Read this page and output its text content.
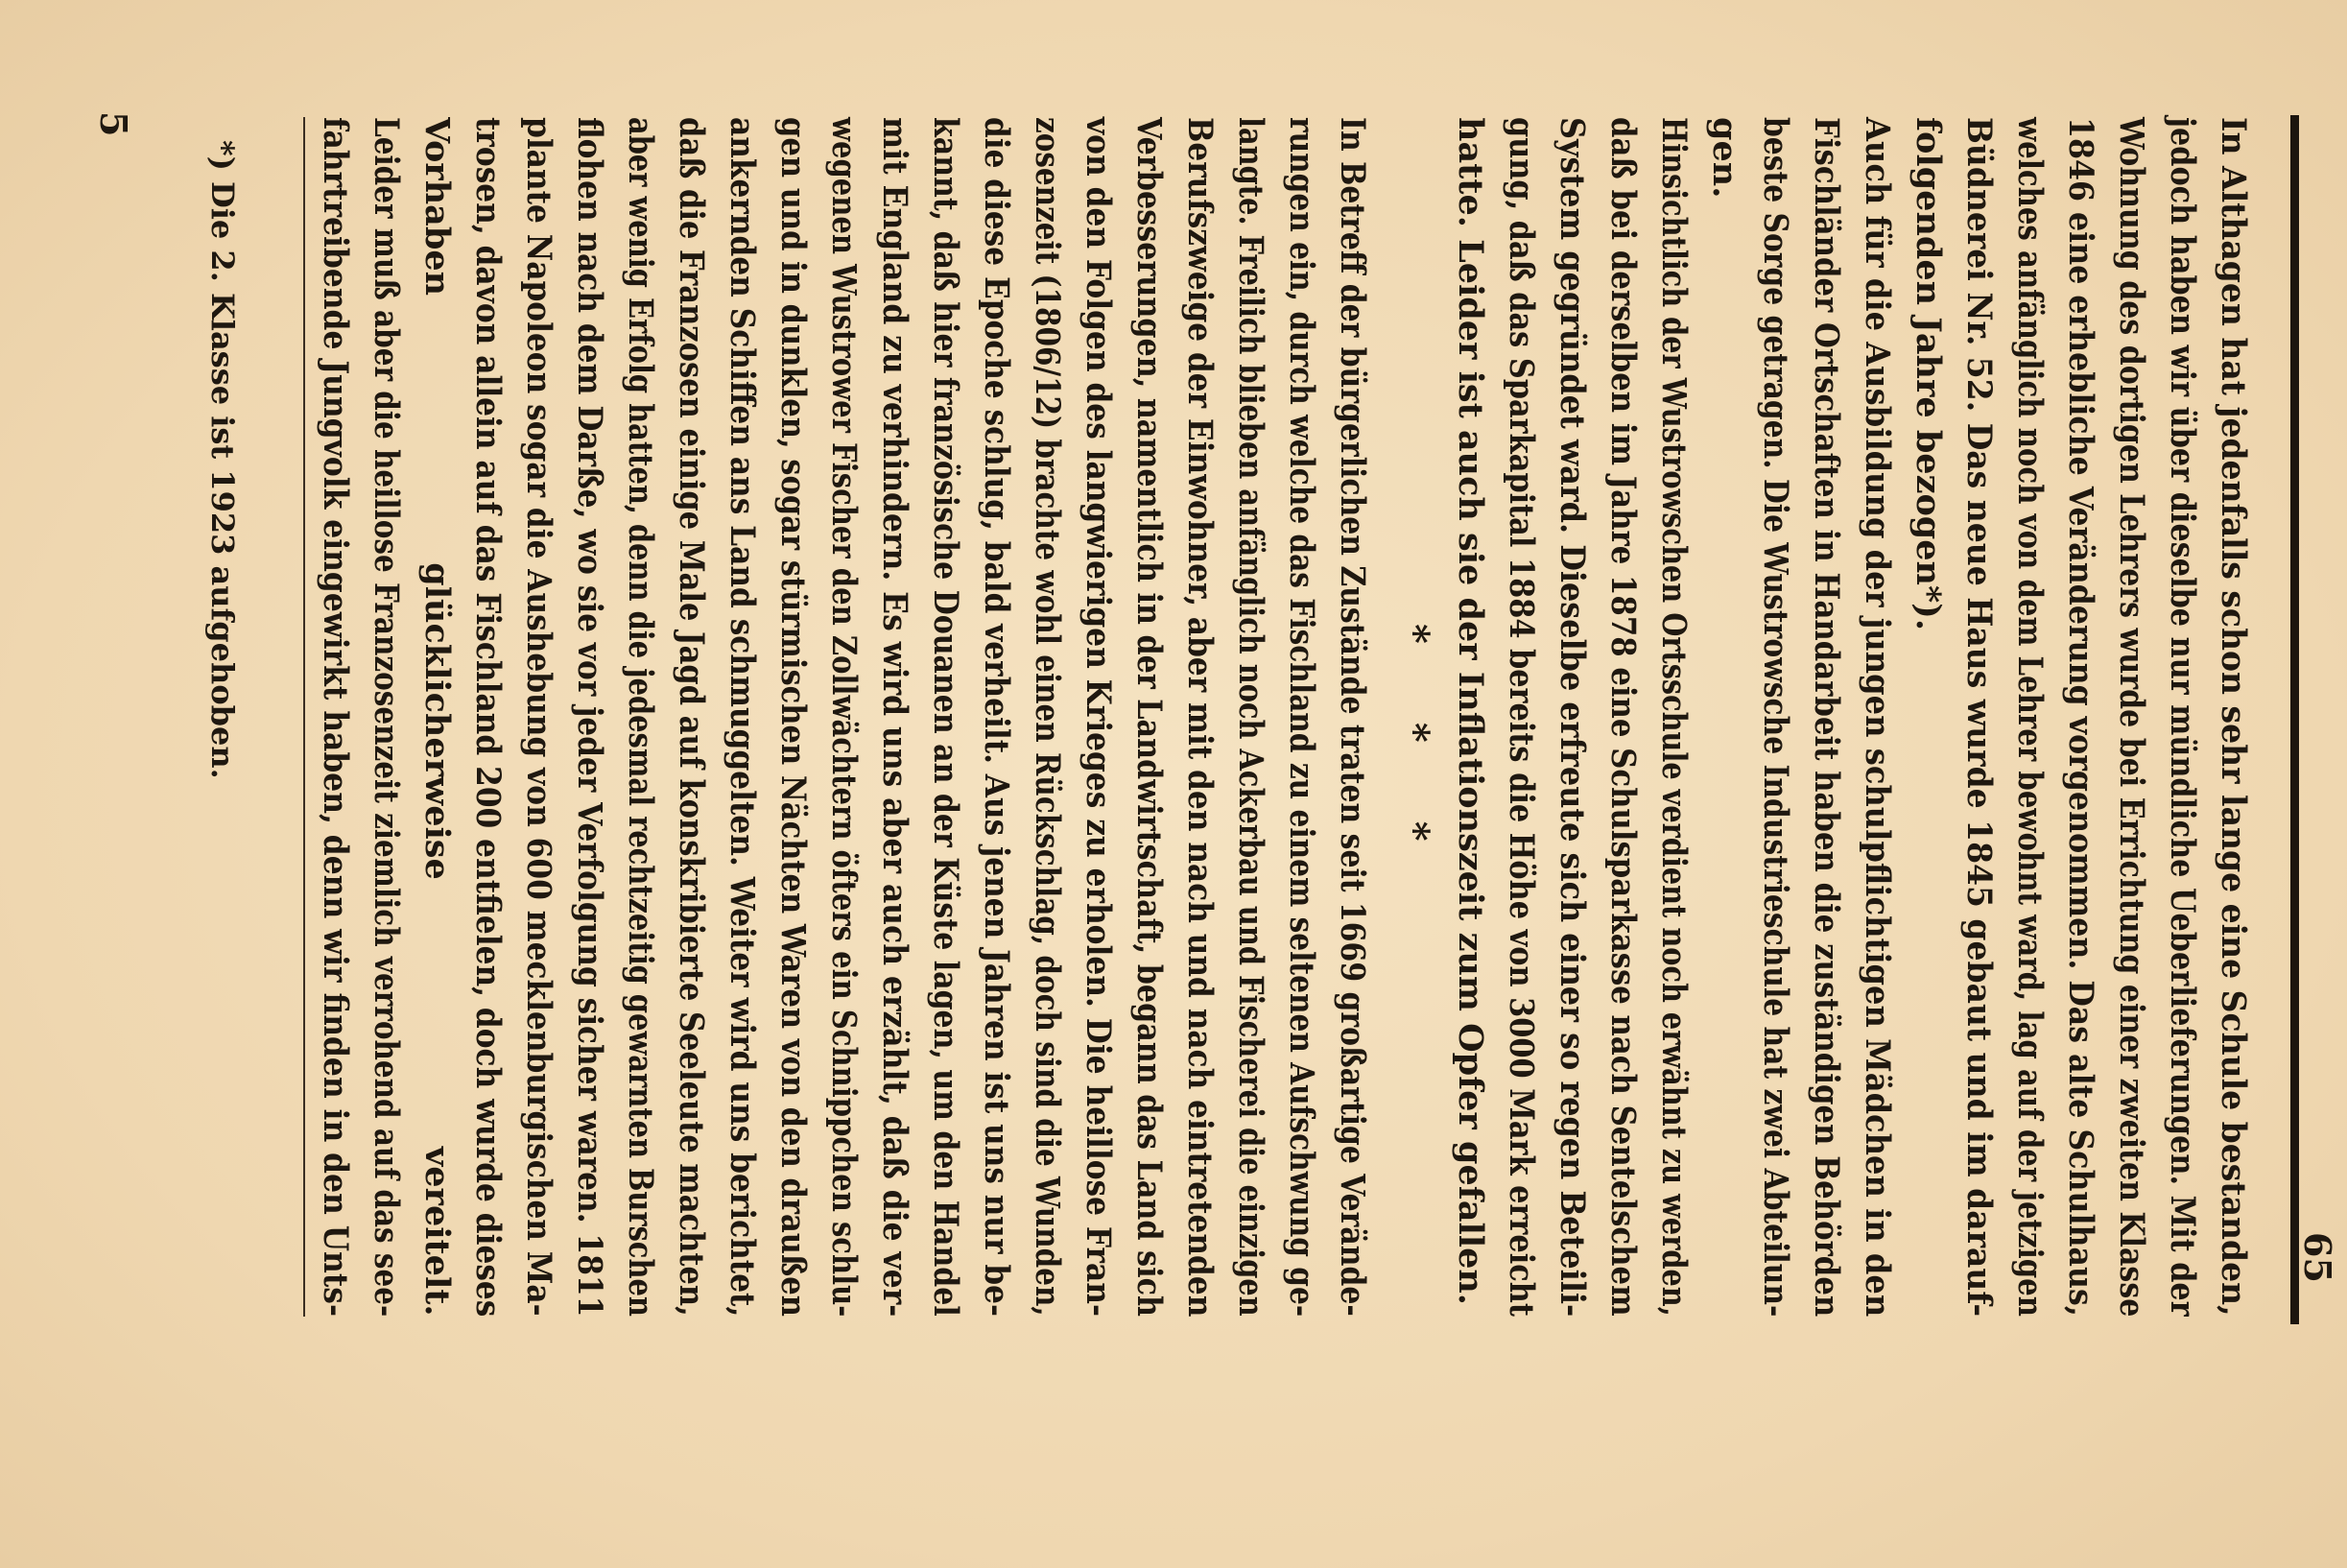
65
In Althagen hat jedenfalls schon sehr lange eine Schule bestanden,
jedoch haben wir über dieselbe nur mündliche Ueberlieferungen. Mit der
Wohnung des dortigen Lehrers wurde bei Errichtung einer zweiten Klasse
1846 eine erhebliche Veränderung vorgenommen. Das alte Schulhaus,
welches anfänglich noch von dem Lehrer bewohnt ward, lag auf der jetzigen
Büdnerei Nr. 52. Das neue Haus wurde 1845 gebaut und im darauf-
folgenden Jahre bezogen*).
Auch für die Ausbildung der jungen schulpflichtigen Mädchen in den
Fischländer Ortschaften in Handarbeit haben die zuständigen Behörden
beste Sorge getragen. Die Wustrowsche Industrieschule hat zwei Abteilun-
gen.
Hinsichtlich der Wustrowschen Ortsschule verdient noch erwähnt zu werden,
daß bei derselben im Jahre 1878 eine Schulsparkasse nach Sentelschem
System gegründet ward. Dieselbe erfreute sich einer so regen Beteili-
gung, daß das Sparkapital 1884 bereits die Höhe von 3000 Mark erreicht
hatte. Leider ist auch sie der Inflationszeit zum Opfer gefallen.
* * *
In Betreff der bürgerlichen Zustände traten seit 1669 großartige Verände-
rungen ein, durch welche das Fischland zu einem seltenen Aufschwung ge-
langte. Freilich blieben anfänglich noch Ackerbau und Fischerei die einzigen
Berufszweige der Einwohner, aber mit den nach und nach eintretenden
Verbesserungen, namentlich in der Landwirtschaft, begann das Land sich
von den Folgen des langwierigen Krieges zu erholen. Die heillose Fran-
zosenzeit (1806/12) brachte wohl einen Rückschlag, doch sind die Wunden,
die diese Epoche schlug, bald verheilt. Aus jenen Jahren ist uns nur be-
kannt, daß hier französische Douanen an der Küste lagen, um den Handel
mit England zu verhindern. Es wird uns aber auch erzählt, daß die ver-
wegenen Wustrower Fischer den Zollwächtern öfters ein Schnippchen schlu-
gen und in dunklen, sogar stürmischen Nächten Waren von den draußen
ankernden Schiffen ans Land schmuggelten. Weiter wird uns berichtet,
daß die Franzosen einige Male Jagd auf konskribierte Seeleute machten,
aber wenig Erfolg hatten, denn die jedesmal rechtzeitig gewarnten Burschen
flohen nach dem Darße, wo sie vor jeder Verfolgung sicher waren. 1811
plante Napoleon sogar die Aushebung von 600 mecklenburgischen Ma-
trosen, davon allein auf das Fischland 200 entfielen, doch wurde dieses
Vorhaben glücklicherweise vereitelt.
Leider muß aber die heillose Franzosenzeit ziemlich verrohend auf das see-
fahrtreibende Jungvolk eingewirkt haben, denn wir finden in den Unts-
*) Die 2. Klasse ist 1923 aufgehoben.
5
